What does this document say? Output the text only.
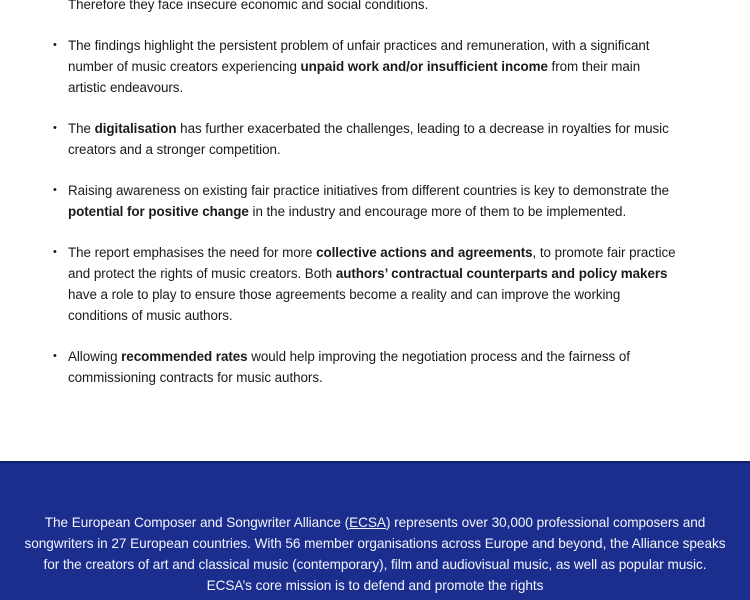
Therefore they face insecure economic and social conditions.

• The findings highlight the persistent problem of unfair practices and remuneration, with a significant number of music creators experiencing unpaid work and/or insufficient income from their main artistic endeavours.

• The digitalisation has further exacerbated the challenges, leading to a decrease in royalties for music creators and a stronger competition.

• Raising awareness on existing fair practice initiatives from different countries is key to demonstrate the potential for positive change in the industry and encourage more of them to be implemented.

• The report emphasises the need for more collective actions and agreements, to promote fair practice and protect the rights of music creators. Both authors’ contractual counterparts and policy makers have a role to play to ensure those agreements become a reality and can improve the working conditions of music authors.

• Allowing recommended rates would help improving the negotiation process and the fairness of commissioning contracts for music authors.

The European Composer and Songwriter Alliance (ECSA) represents over 30,000 professional composers and songwriters in 27 European countries. With 56 member organisations across Europe and beyond, the Alliance speaks for the creators of art and classical music (contemporary), film and audiovisual music, as well as popular music. ECSA’s core mission is to defend and promote the rights
